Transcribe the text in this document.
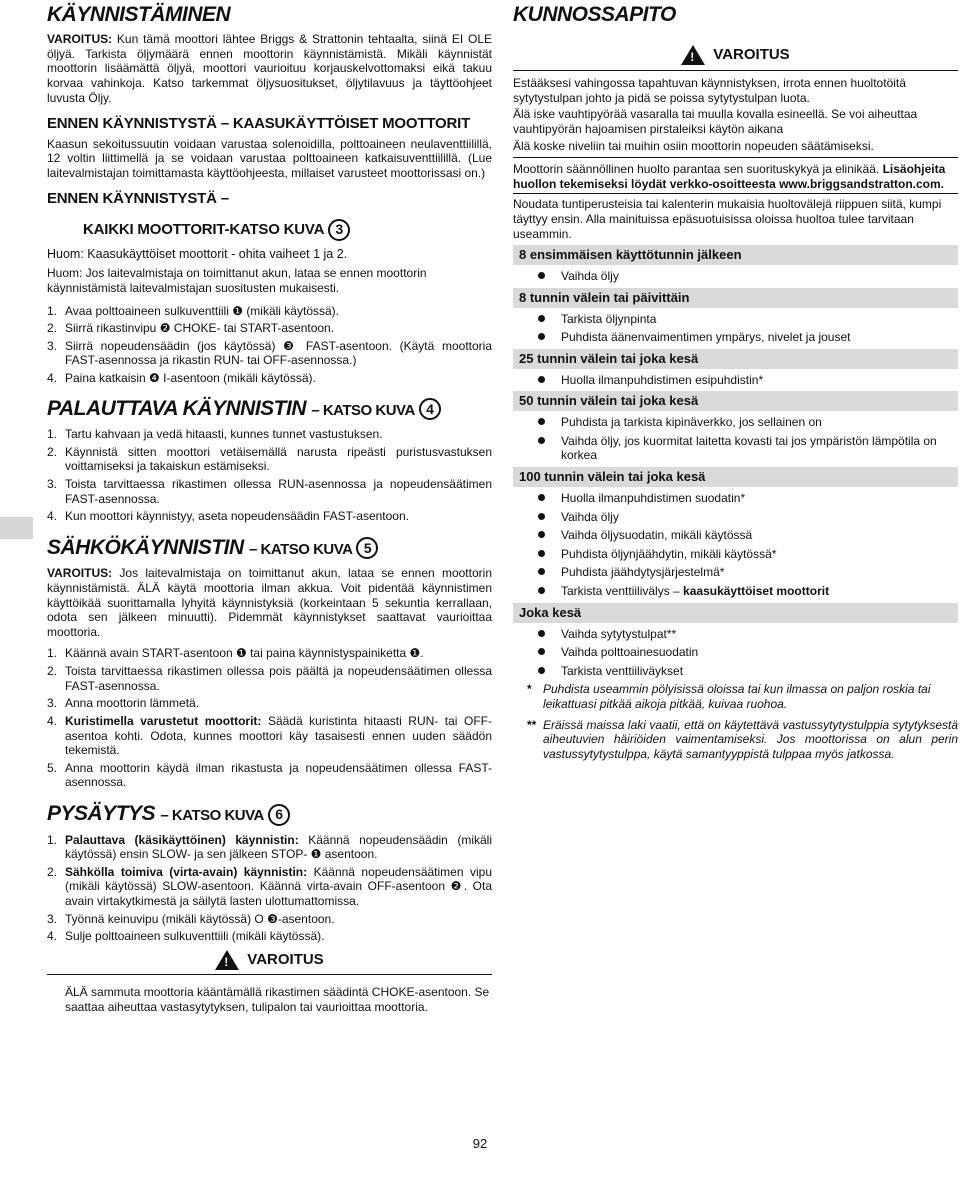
KÄYNNISTÄMINEN

VAROITUS: Kun tämä moottori lähtee Briggs & Strattonin tehtaalta, siinä EI OLE öljyä. Tarkista öljymäärä ennen moottorin käynnistämistä. Mikäli käynnistät moottorin lisäämättä öljyä, moottori vaurioituu korjauskelvottomaksi eikä takuu korvaa vahinkoja. Katso tarkemmat öljysuositukset, öljytilavuus ja täyttöohjeet luvusta Öljy.

ENNEN KÄYNNISTYSTÄ – KAASUKÄYTTÖISET MOOTTORIT

Kaasun sekoitussuutin voidaan varustaa solenoidilla, polttoaineen neulaventtiilillä, 12 voltin liittimellä ja se voidaan varustaa polttoaineen katkaisuventtiilillä. (Lue laitevalmistajan toimittamasta käyttöohjeesta, millaiset varusteet moottorissasi on.)

ENNEN KÄYNNISTYSTÄ –
KAIKKI MOOTTORIT-KATSO KUVA 3

Huom: Kaasukäyttöiset moottorit - ohita vaiheet 1 ja 2.

Huom: Jos laitevalmistaja on toimittanut akun, lataa se ennen moottorin käynnistämistä laitevalmistajan suositusten mukaisesti.

1. Avaa polttoaineen sulkuventtiili ❶ (mikäli käytössä).
2. Siirrä rikastinvipu ❷ CHOKE- tai START-asentoon.
3. Siirrä nopeudensäädin (jos käytössä) ❸ FAST-asentoon. (Käytä moottoria FAST-asennossa ja rikastin RUN- tai OFF-asennossa.)
4. Paina katkaisin ❹ I-asentoon (mikäli käytössä).
PALAUTTAVA KÄYNNISTIN – KATSO KUVA 4
1. Tartu kahvaan ja vedä hitaasti, kunnes tunnet vastustuksen.
2. Käynnistä sitten moottori vetäisemällä narusta ripeästi puristusvastuksen voittamiseksi ja takaiskun estämiseksi.
3. Toista tarvittaessa rikastimen ollessa RUN-asennossa ja nopeudensäätimen FAST-asennossa.
4. Kun moottori käynnistyy, aseta nopeudensäädin FAST-asentoon.
SÄHKÖKÄYNNISTIN – KATSO KUVA 5

VAROITUS: Jos laitevalmistaja on toimittanut akun, lataa se ennen moottorin käynnistämistä. ÄLÄ käytä moottoria ilman akkua. Voit pidentää käynnistimen käyttöikää suorittamalla lyhyitä käynnistyksiä (korkeintaan 5 sekuntia kerrallaan, odota sen jälkeen minuutti). Pidemmät käynnistykset saattavat vaurioittaa moottoria.

1. Käännä avain START-asentoon ❶ tai paina käynnistyspainiketta ❶.
2. Toista tarvittaessa rikastimen ollessa pois päältä ja nopeudensäätimen ollessa FAST-asennossa.
3. Anna moottorin lämmetä.
4. Kuristimella varustetut moottorit: Säädä kuristinta hitaasti RUN- tai OFF-asentoa kohti. Odota, kunnes moottori käy tasaisesti ennen uuden säädön tekemistä.
5. Anna moottorin käydä ilman rikastusta ja nopeudensäätimen ollessa FAST-asennossa.
PYSÄYTYS – KATSO KUVA 6
1. Palauttava (käsikäyttöinen) käynnistin: Käännä nopeudensäädin (mikäli käytössä) ensin SLOW- ja sen jälkeen STOP- ❶ asentoon.
2. Sähkölla toimiva (virta-avain) käynnistin: Käännä nopeudensäätimen vipu (mikäli käytössä) SLOW-asentoon. Käännä virta-avain OFF-asentoon ❷. Ota avain virtakytkimestä ja säilytä lasten ulottumattomissa.
3. Työnnä keinuvipu (mikäli käytössä) O ❸-asentoon.
4. Sulje polttoaineen sulkuventtiili (mikäli käytössä).
! VAROITUS

ÄLÄ sammuta moottoria kääntämällä rikastimen säädintä CHOKE-asentoon. Se saattaa aiheuttaa vastasytytyksen, tulipalon tai vaurioittaa moottoria.

KUNNOSSAPITO
! VAROITUS

Estääksesi vahingossa tapahtuvan käynnistyksen, irrota ennen huoltotöitä sytytystulpan johto ja pidä se poissa sytytystulpan luota.

Älä iske vauhtipyörää vasaralla tai muulla kovalla esineellä. Se voi aiheuttaa vauhtipyörän hajoamisen pirstaleiksi käytön aikana

Älä koske niveliin tai muihin osiin moottorin nopeuden säätämiseksi.

Moottorin säännöllinen huolto parantaa sen suorituskykyä ja elinikää. Lisäohjeita huollon tekemiseksi löydät verkko-osoitteesta www.briggsandstratton.com.

Noudata tuntiperusteisia tai kalenterin mukaisia huoltovälejä riippuen siitä, kumpi täyttyy ensin. Alla mainituissa epäsuotuisissa oloissa huoltoa tulee tarvitaan useammin.

8 ensimmäisen käyttötunnin jälkeen
Vaihda öljy
8 tunnin välein tai päivittäin
Tarkista öljynpinta
Puhdista äänenvaimentimen ympärys, nivelet ja jouset
25 tunnin välein tai joka kesä
Huolla ilmanpuhdistimen esipuhdistin*
50 tunnin välein tai joka kesä
Puhdista ja tarkista kipinäverkko, jos sellainen on
Vaihda öljy, jos kuormitat laitetta kovasti tai jos ympäristön lämpötila on korkea
100 tunnin välein tai joka kesä
Huolla ilmanpuhdistimen suodatin*
Vaihda öljy
Vaihda öljysuodatin, mikäli käytössä
Puhdista öljynjäähdytin, mikäli käytössä*
Puhdista jäähdytysjärjestelmä*
Tarkista venttiilivälys – kaasukäyttöiset moottorit
Joka kesä
Vaihda sytytystulpat**
Vaihda polttoainesuodatin
Tarkista venttiiliväykset
* Puhdista useammin pölyisissä oloissa tai kun ilmassa on paljon roskia tai leikattuasi pitkää aikoja pitkää, kuivaa ruohoa.
** Eräissä maissa laki vaatii, että on käytettävä vastussytytystulppia sytytyksestä aiheutuvien häiriöiden vaimentamiseksi. Jos moottorissa on alun perin vastussytytystulppa, käytä samantyyppistä tulppaa myös jatkossa.
92
